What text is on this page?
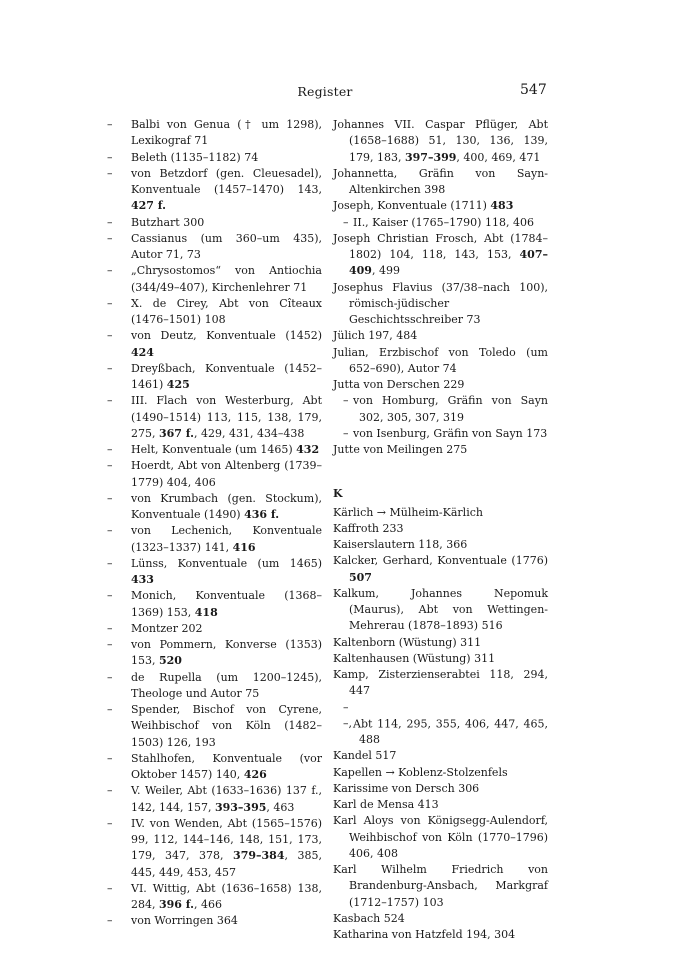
Register	547
– Balbi von Genua († um 1298), Lexikograf 71
– Beleth (1135–1182) 74
– von Betzdorf (gen. Cleuesadel), Konventuale (1457–1470) 143, 427 f.
– Butzhart 300
– Cassianus (um 360–um 435), Autor 71, 73
– „Chrysostomos“ von Antiochia (344/49–407), Kirchenlehrer 71
– X. de Cirey, Abt von Cîteaux (1476–1501) 108
– von Deutz, Konventuale (1452) 424
– Dreyßbach, Konventuale (1452–1461) 425
– III. Flach von Westerburg, Abt (1490–1514) 113, 115, 138, 179, 275, 367 f., 429, 431, 434–438
– Helt, Konventuale (um 1465) 432
– Hoerdt, Abt von Altenberg (1739–1779) 404, 406
– von Krumbach (gen. Stockum), Konventuale (1490) 436 f.
– von Lechenich, Konventuale (1323–1337) 141, 416
– Lünss, Konventuale (um 1465) 433
– Monich, Konventuale (1368–1369) 153, 418
– Montzer 202
– von Pommern, Konverse (1353) 153, 520
– de Rupella (um 1200–1245), Theologe und Autor 75
– Spender, Bischof von Cyrene, Weihbischof von Köln (1482–1503) 126, 193
– Stahlhofen, Konventuale (vor Oktober 1457) 140, 426
– V. Weiler, Abt (1633–1636) 137 f., 142, 144, 157, 393–395, 463
– IV. von Wenden, Abt (1565–1576) 99, 112, 144–146, 148, 151, 173, 179, 347, 378, 379–384, 385, 445, 449, 453, 457
– VI. Wittig, Abt (1636–1658) 138, 284, 396 f., 466
– von Worringen 364
Johannes VII. Caspar Pflüger, Abt (1658–1688) 51, 130, 136, 139, 179, 183, 397–399, 400, 469, 471
Johannetta, Gräfin von Sayn-Altenkirchen 398
Joseph, Konventuale (1711) 483
– II., Kaiser (1765–1790) 118, 406
Joseph Christian Frosch, Abt (1784–1802) 104, 118, 143, 153, 407–409, 499
Josephus Flavius (37/38–nach 100), römisch-jüdischer Geschichtsschreiber 73
Jülich 197, 484
Julian, Erzbischof von Toledo (um 652–690), Autor 74
Jutta von Derschen 229
– von Homburg, Gräfin von Sayn 302, 305, 307, 319
– von Isenburg, Gräfin von Sayn 173
Jutte von Meilingen 275
K
Kärlich → Mülheim-Kärlich
Kaffroth 233
Kaiserslautern 118, 366
Kalcker, Gerhard, Konventuale (1776) 507
Kalkum, Johannes Nepomuk (Maurus), Abt von Wettingen-Mehrerau (1878–1893) 516
Kaltenborn (Wüstung) 311
Kaltenhausen (Wüstung) 311
Kamp, Zisterzienserabtei 118, 294, 447
– –,Abt 114, 295, 355, 406, 447, 465, 488
Kandel 517
Kapellen → Koblenz-Stolzenfels
Karissime von Dersch 306
Karl de Mensa 413
Karl Aloys von Königsegg-Aulendorf, Weihbischof von Köln (1770–1796) 406, 408
Karl Wilhelm Friedrich von Brandenburg-Ansbach, Markgraf (1712–1757) 103
Kasbach 524
Katharina von Hatzfeld 194, 304
